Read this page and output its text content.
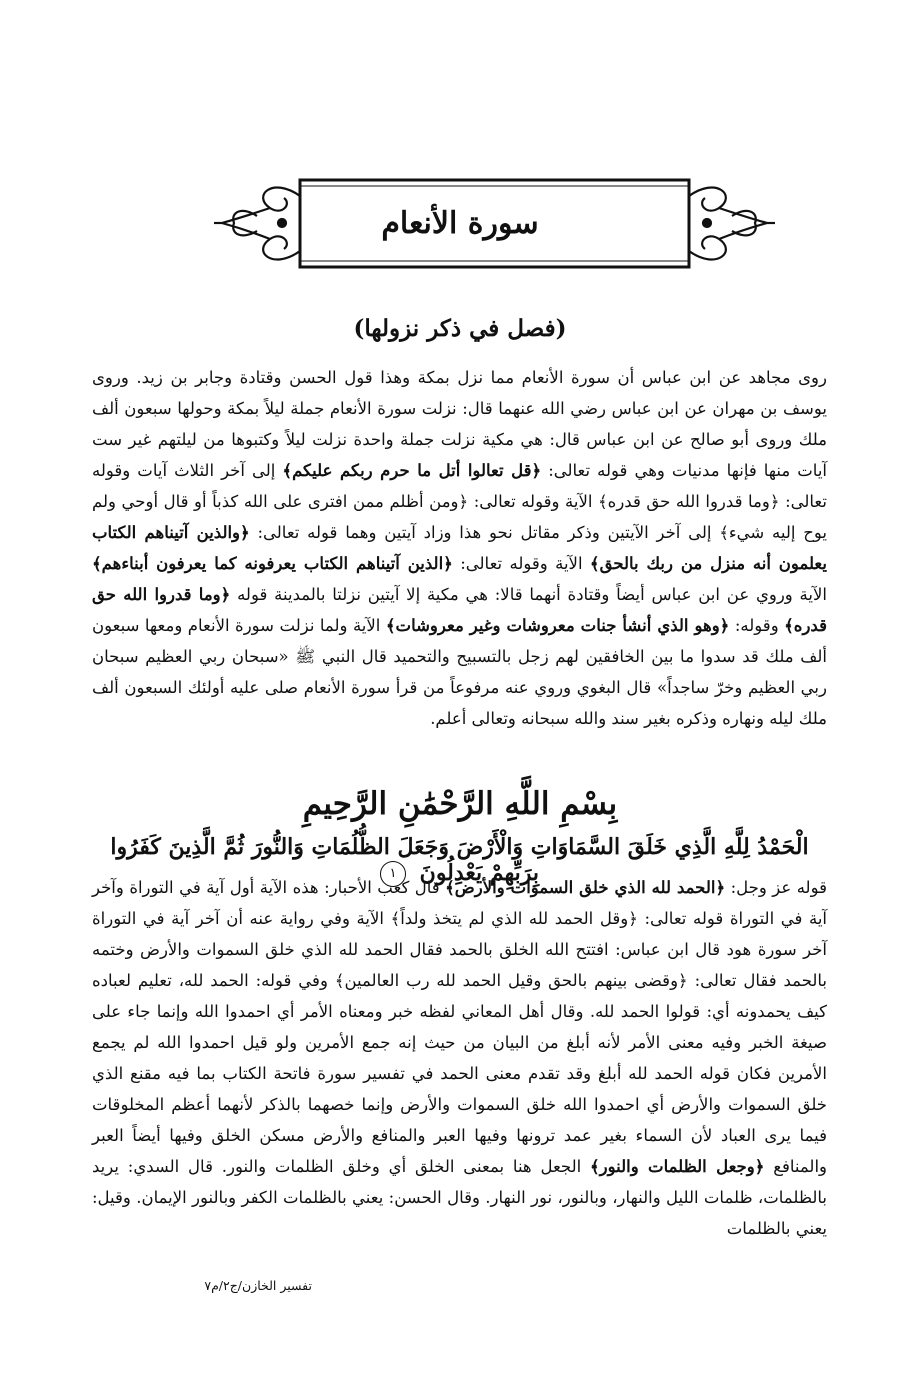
سورة الأنعام
(فصل في ذكر نزولها)
روى مجاهد عن ابن عباس أن سورة الأنعام مما نزل بمكة وهذا قول الحسن وقتادة وجابر بن زيد. وروى يوسف بن مهران عن ابن عباس رضي الله عنهما قال: نزلت سورة الأنعام جملة ليلاً بمكة وحولها سبعون ألف ملك وروى أبو صالح عن ابن عباس قال: هي مكية نزلت جملة واحدة نزلت ليلاً وكتبوها من ليلتهم غير ست آيات منها فإنها مدنيات وهي قوله تعالى: ﴿قل تعالوا أتل ما حرم ربكم عليكم﴾ إلى آخر الثلاث آيات وقوله تعالى: ﴿وما قدروا الله حق قدره﴾ الآية وقوله تعالى: ﴿ومن أظلم ممن افترى على الله كذباً أو قال أوحي ولم يوح إليه شيء﴾ إلى آخر الآيتين وذكر مقاتل نحو هذا وزاد آيتين وهما قوله تعالى: ﴿والذين آتيناهم الكتاب يعلمون أنه منزل من ربك بالحق﴾ الآية وقوله تعالى: ﴿الذين آتيناهم الكتاب يعرفونه كما يعرفون أبناءهم﴾ الآية وروي عن ابن عباس أيضاً وقتادة أنهما قالا: هي مكية إلا آيتين نزلتا بالمدينة قوله ﴿وما قدروا الله حق قدره﴾ وقوله: ﴿وهو الذي أنشأ جنات معروشات وغير معروشات﴾ الآية ولما نزلت سورة الأنعام ومعها سبعون ألف ملك قد سدوا ما بين الخافقين لهم زجل بالتسبيح والتحميد قال النبي ﷺ «سبحان ربي العظيم سبحان ربي العظيم وخرّ ساجداً» قال البغوي وروي عنه مرفوعاً من قرأ سورة الأنعام صلى عليه أولئك السبعون ألف ملك ليله ونهاره وذكره بغير سند والله سبحانه وتعالى أعلم.
بِسْمِ اللَّهِ الرَّحْمَٰنِ الرَّحِيمِ
الْحَمْدُ لِلَّهِ الَّذِي خَلَقَ السَّمَاوَاتِ وَالْأَرْضَ وَجَعَلَ الظُّلُمَاتِ وَالنُّورَ ثُمَّ الَّذِينَ كَفَرُوا بِرَبِّهِمْ يَعْدِلُونَ ١
قوله عز وجل: ﴿الحمد لله الذي خلق السموات والأرض﴾ قال كعب الأحبار: هذه الآية أول آية في التوراة وآخر آية في التوراة قوله تعالى: ﴿وقل الحمد لله الذي لم يتخذ ولداً﴾ الآية وفي رواية عنه أن آخر آية في التوراة آخر سورة هود قال ابن عباس: افتتح الله الخلق بالحمد فقال الحمد لله الذي خلق السموات والأرض وختمه بالحمد فقال تعالى: ﴿وقضى بينهم بالحق وقيل الحمد لله رب العالمين﴾ وفي قوله: الحمد لله، تعليم لعباده كيف يحمدونه أي: قولوا الحمد لله. وقال أهل المعاني لفظه خبر ومعناه الأمر أي احمدوا الله وإنما جاء على صيغة الخبر وفيه معنى الأمر لأنه أبلغ من البيان من حيث إنه جمع الأمرين ولو قيل احمدوا الله لم يجمع الأمرين فكان قوله الحمد لله أبلغ وقد تقدم معنى الحمد في تفسير سورة فاتحة الكتاب بما فيه مقنع الذي خلق السموات والأرض أي احمدوا الله خلق السموات والأرض وإنما خصهما بالذكر لأنهما أعظم المخلوقات فيما يرى العباد لأن السماء بغير عمد ترونها وفيها العبر والمنافع والأرض مسكن الخلق وفيها أيضاً العبر والمنافع ﴿وجعل الظلمات والنور﴾ الجعل هنا بمعنى الخلق أي وخلق الظلمات والنور. قال السدي: يريد بالظلمات، ظلمات الليل والنهار، وبالنور، نور النهار. وقال الحسن: يعني بالظلمات الكفر وبالنور الإيمان. وقيل: يعني بالظلمات
تفسير الخازن/ج٢/م٧
